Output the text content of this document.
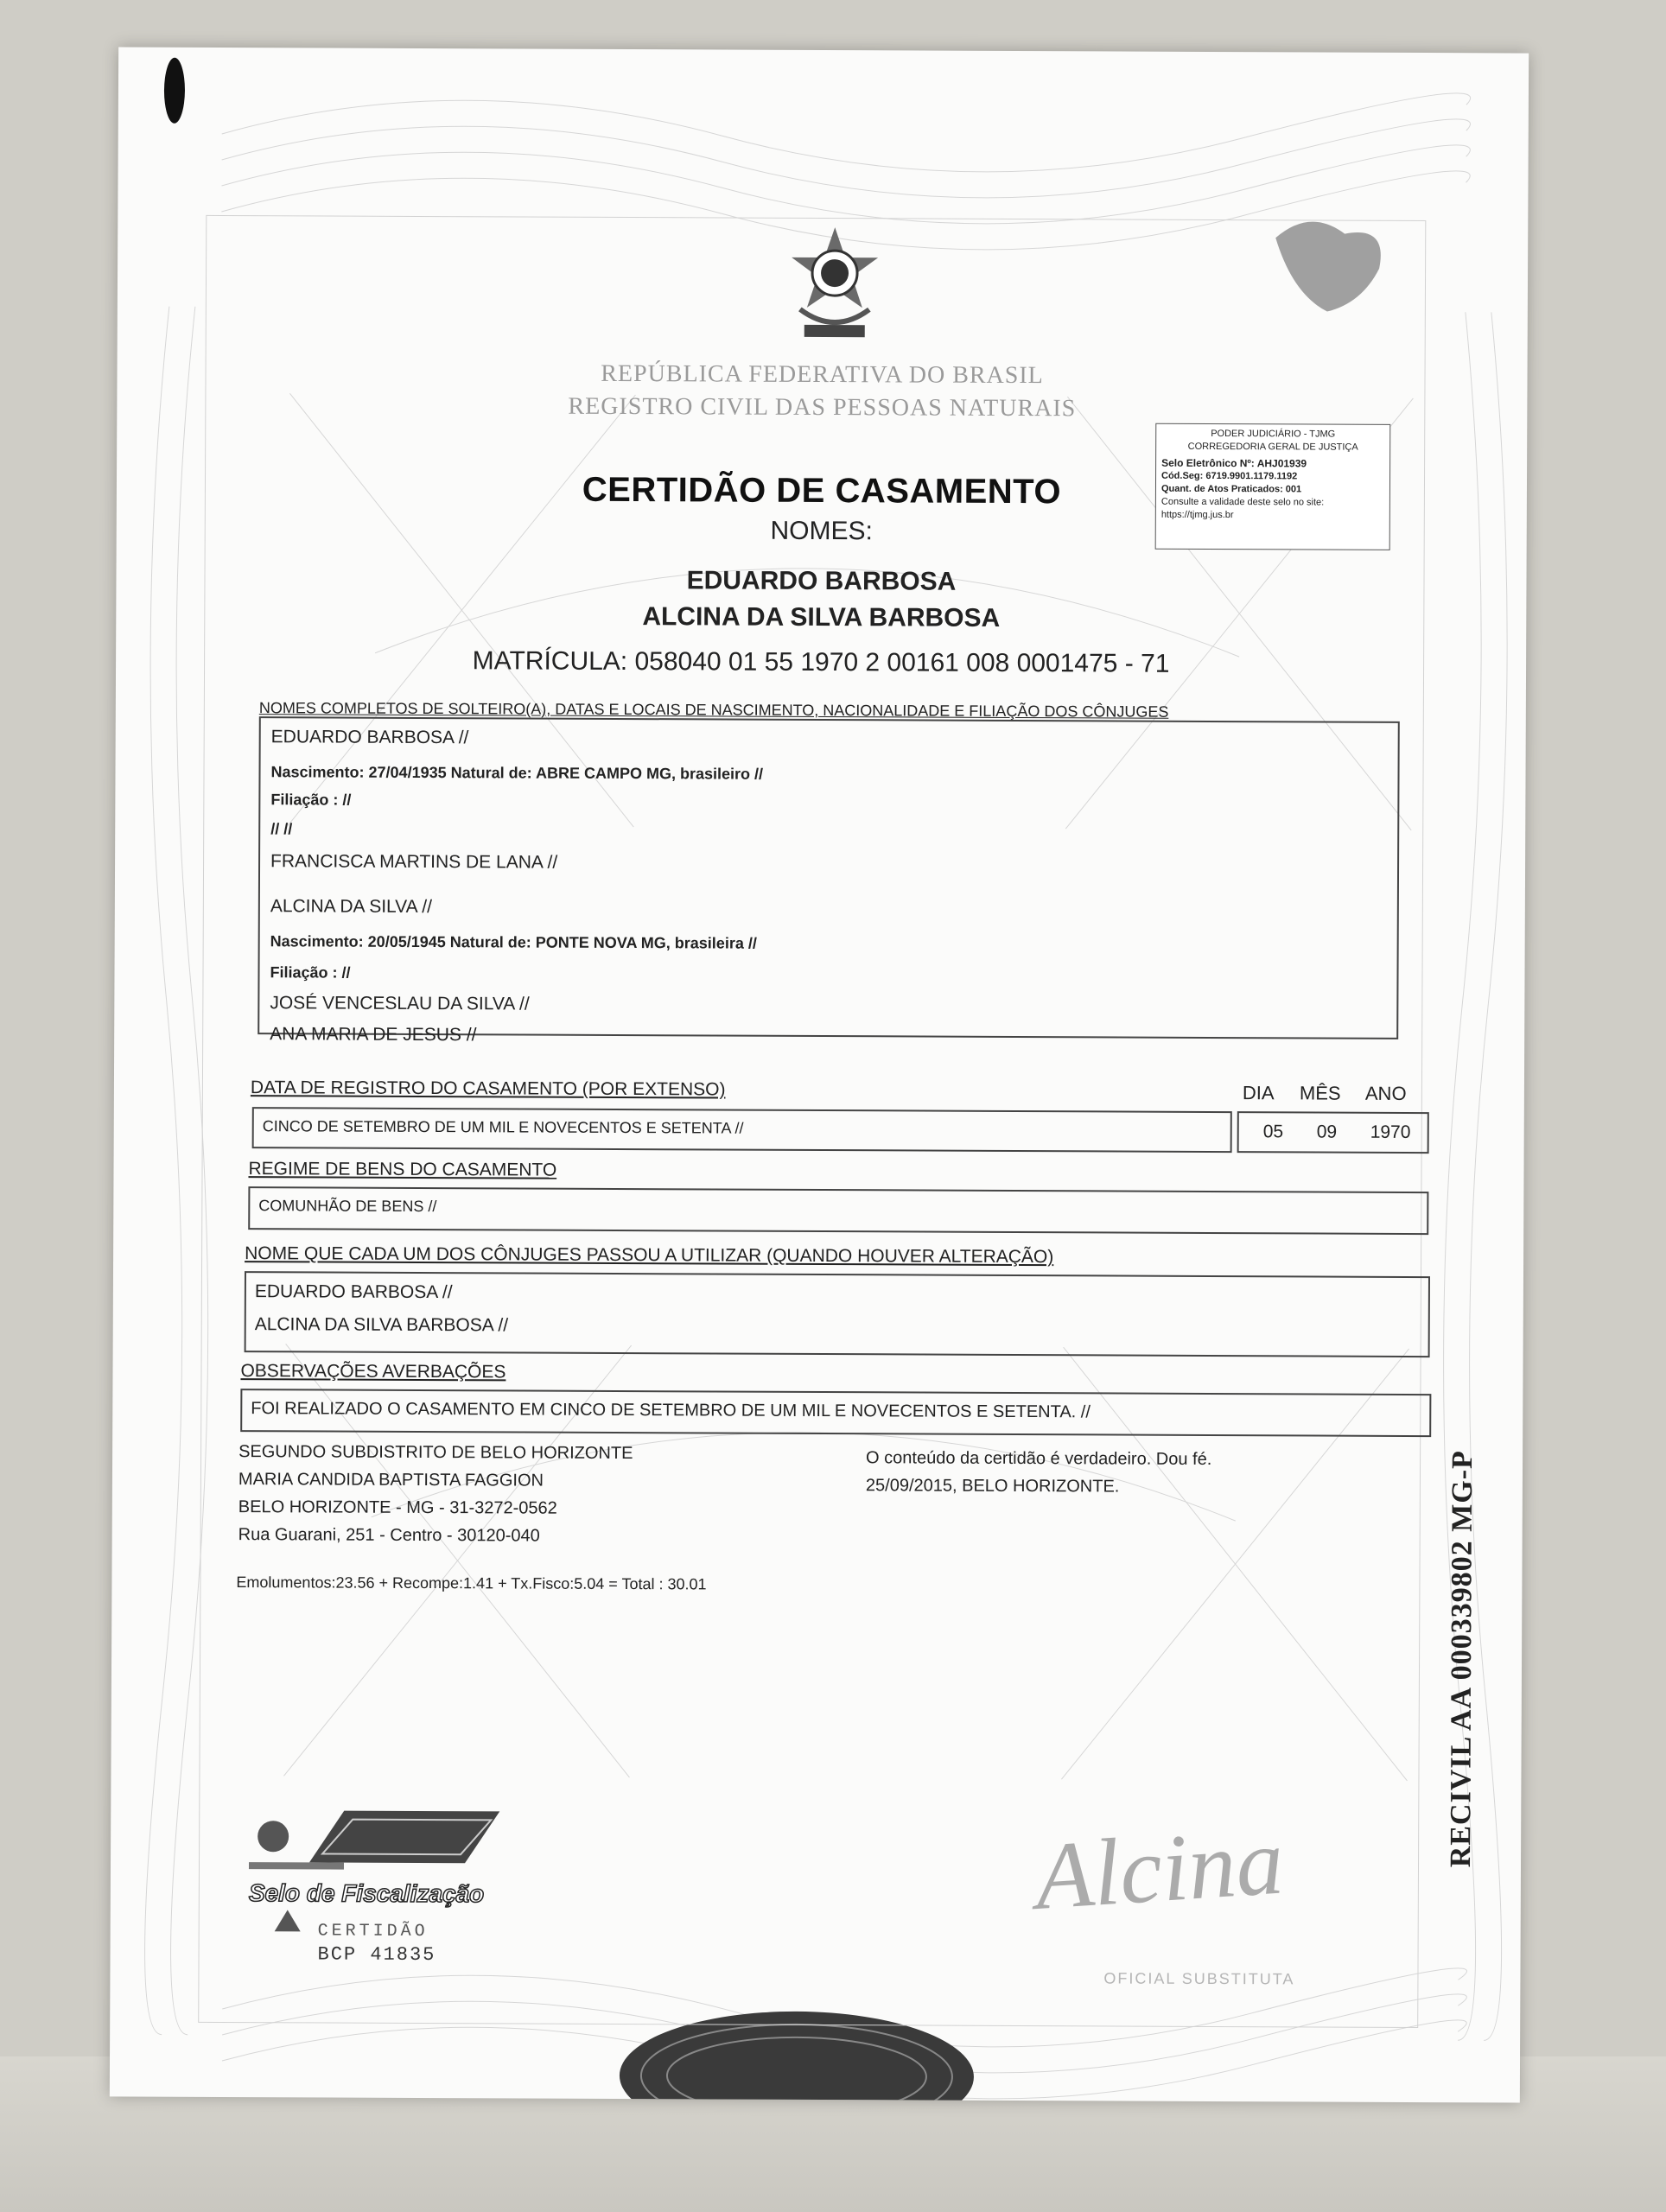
REPÚBLICA FEDERATIVA DO BRASIL
REGISTRO CIVIL DAS PESSOAS NATURAIS
PODER JUDICIÁRIO - TJMG
CORREGEDORIA GERAL DE JUSTIÇA
Selo Eletrônico Nº: AHJ01939
Cód.Seg: 6719.9901.1179.1192
Quant. de Atos Praticados: 001
Consulte a validade deste selo no site:
https://tjmg.jus.br
CERTIDÃO DE CASAMENTO
NOMES:
EDUARDO BARBOSA
ALCINA DA SILVA BARBOSA
MATRÍCULA: 058040 01 55 1970 2 00161 008 0001475 - 71
NOMES COMPLETOS DE SOLTEIRO(A), DATAS E LOCAIS DE NASCIMENTO, NACIONALIDADE E FILIAÇÃO DOS CÔNJUGES
EDUARDO BARBOSA //
Nascimento: 27/04/1935 Natural de: ABRE CAMPO MG, brasileiro //
Filiação : //
// //
FRANCISCA MARTINS DE LANA //
ALCINA DA SILVA //
Nascimento: 20/05/1945 Natural de: PONTE NOVA MG, brasileira //
Filiação : //
JOSÉ VENCESLAU DA SILVA //
ANA MARIA DE JESUS //
DATA DE REGISTRO DO CASAMENTO (POR EXTENSO)	DIA MÊS ANO
CINCO DE SETEMBRO DE UM MIL E NOVECENTOS E SETENTA //	05 09 1970
REGIME DE BENS DO CASAMENTO
COMUNHÃO DE BENS //
NOME QUE CADA UM DOS CÔNJUGES PASSOU A UTILIZAR (QUANDO HOUVER ALTERAÇÃO)
EDUARDO BARBOSA //
ALCINA DA SILVA BARBOSA //
OBSERVAÇÕES AVERBAÇÕES
FOI REALIZADO O CASAMENTO EM CINCO DE SETEMBRO DE UM MIL E NOVECENTOS E SETENTA. //
SEGUNDO SUBDISTRITO DE BELO HORIZONTE
MARIA CANDIDA BAPTISTA FAGGION
BELO HORIZONTE - MG - 31-3272-0562
Rua Guarani, 251 - Centro - 30120-040
O conteúdo da certidão é verdadeiro. Dou fé.
25/09/2015, BELO HORIZONTE.
Emolumentos:23.56 + Recompe:1.41 + Tx.Fisco:5.04 = Total : 30.01
Selo de Fiscalização
CERTIDÃO
BCP 41835
Alcina
OFICIAL SUBSTITUTA
RECIVIL AA 000339802 MG-P
